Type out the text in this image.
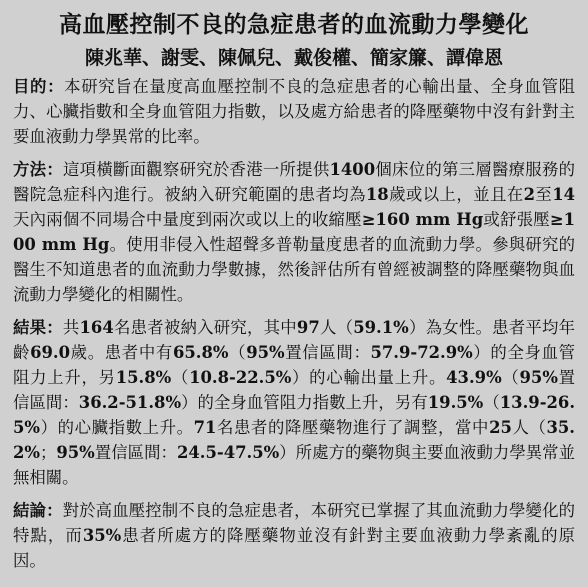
高血壓控制不良的急症患者的血流動力學變化
陳兆華、謝雯、陳佩兒、戴俊權、簡家簾、譚偉恩

目的：本研究旨在量度高血壓控制不良的急症患者的心輸出量、全身血管阻力、心臟指數和全身血管阻力指數，以及處方給患者的降壓藥物中沒有針對主要血液動力學異常的比率。

方法：這項橫斷面觀察研究於香港一所提供1400個床位的第三層醫療服務的醫院急症科內進行。被納入研究範圍的患者均為18歲或以上，並且在2至14天內兩個不同場合中量度到兩次或以上的收縮壓≥160 mm Hg或舒張壓≥100 mm Hg。使用非侵入性超聲多普勒量度患者的血流動力學。參與研究的醫生不知道患者的血流動力學數據，然後評估所有曾經被調整的降壓藥物與血流動力學變化的相關性。

結果：共164名患者被納入研究，其中97人（59.1%）為女性。患者平均年齡69.0歲。患者中有65.8%（95%置信區間：57.9-72.9%）的全身血管阻力上升，另15.8%（10.8-22.5%）的心輸出量上升。43.9%（95%置信區間：36.2-51.8%）的全身血管阻力指數上升，另有19.5%（13.9-26.5%）的心臟指數上升。71名患者的降壓藥物進行了調整，當中25人（35.2%；95%置信區間：24.5-47.5%）所處方的藥物與主要血液動力學異常並無相關。

結論：對於高血壓控制不良的急症患者，本研究已掌握了其血流動力學變化的特點，而35%患者所處方的降壓藥物並沒有針對主要血液動力學紊亂的原因。
